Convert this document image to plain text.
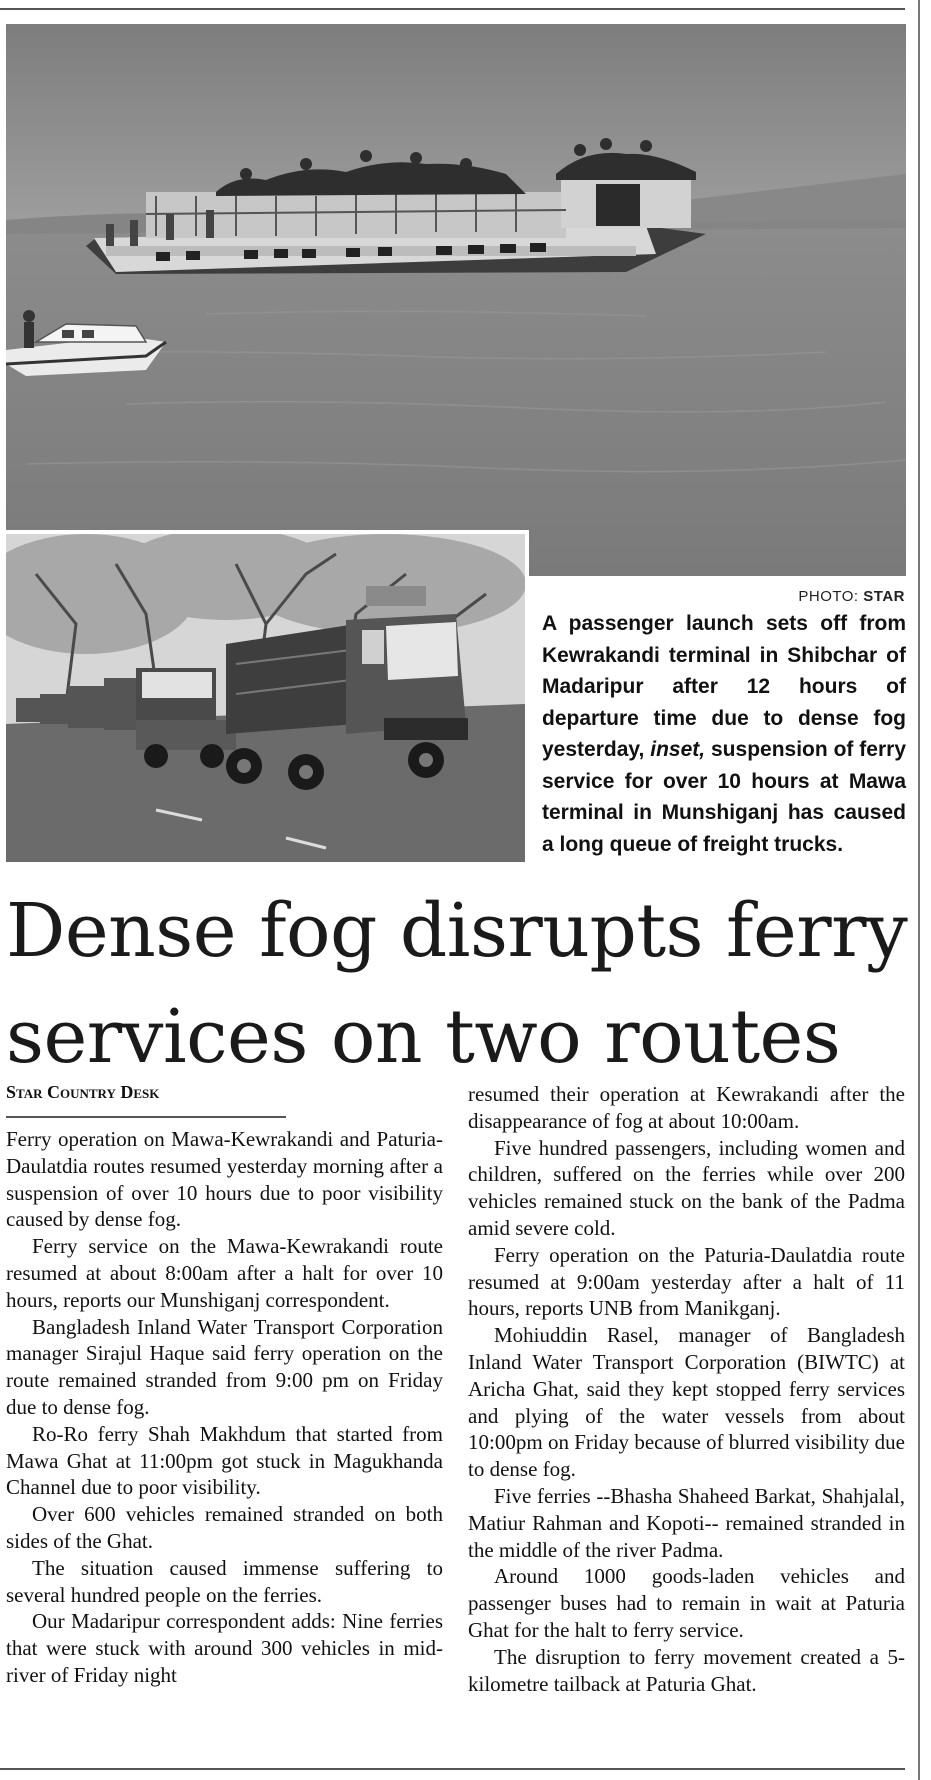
PHOTO: STAR
A passenger launch sets off from Kewrakandi terminal in Shibchar of Madaripur after 12 hours of departure time due to dense fog yesterday, inset, suspension of ferry service for over 10 hours at Mawa terminal in Munshiganj has caused a long queue of freight trucks.
Dense fog disrupts ferry
services on two routes
Star Country Desk

Ferry operation on Mawa-Kewrakandi and Paturia-Daulatdia routes resumed yesterday morning after a suspension of over 10 hours due to poor visibility caused by dense fog.

Ferry service on the Mawa-Kewrakandi route resumed at about 8:00am after a halt for over 10 hours, reports our Munshiganj correspondent.

Bangladesh Inland Water Transport Corporation manager Sirajul Haque said ferry operation on the route remained stranded from 9:00 pm on Friday due to dense fog.

Ro-Ro ferry Shah Makhdum that started from Mawa Ghat at 11:00pm got stuck in Magukhanda Channel due to poor visibility.

Over 600 vehicles remained stranded on both sides of the Ghat.

The situation caused immense suffering to several hundred people on the ferries.

Our Madaripur correspondent adds: Nine ferries that were stuck with around 300 vehicles in mid-river of Friday night

resumed their operation at Kewrakandi after the disappearance of fog at about 10:00am.

Five hundred passengers, including women and children, suffered on the ferries while over 200 vehicles remained stuck on the bank of the Padma amid severe cold.

Ferry operation on the Paturia-Daulatdia route resumed at 9:00am yesterday after a halt of 11 hours, reports UNB from Manikganj.

Mohiuddin Rasel, manager of Bangladesh Inland Water Transport Corporation (BIWTC) at Aricha Ghat, said they kept stopped ferry services and plying of the water vessels from about 10:00pm on Friday because of blurred visibility due to dense fog.

Five ferries --Bhasha Shaheed Barkat, Shahjalal, Matiur Rahman and Kopoti-- remained stranded in the middle of the river Padma.

Around 1000 goods-laden vehicles and passenger buses had to remain in wait at Paturia Ghat for the halt to ferry service.

The disruption to ferry movement created a 5-kilometre tailback at Paturia Ghat.
